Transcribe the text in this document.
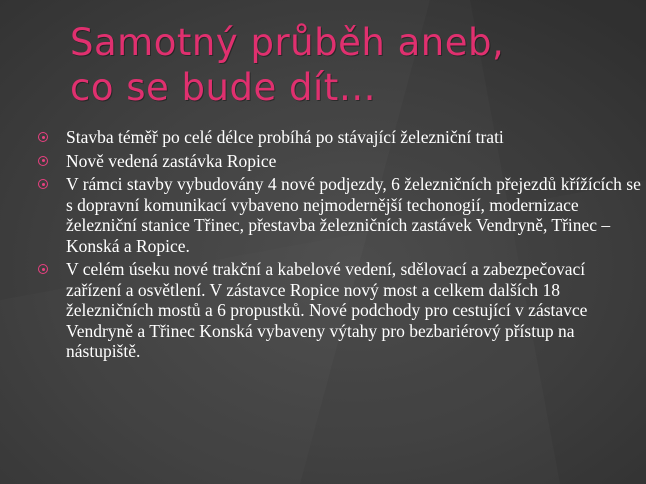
Samotný průběh aneb,
co se bude dít…
Stavba téměř po celé délce probíhá po stávající železniční trati
Nově vedená zastávka Ropice
V rámci stavby vybudovány 4 nové podjezdy, 6 železničních přejezdů křížících se s dopravní komunikací vybaveno nejmodernější techonogií, modernizace železniční stanice Třinec, přestavba železničních zastávek Vendryně, Třinec – Konská a Ropice.
V celém úseku nové trakční a kabelové vedení, sdělovací a zabezpečovací zařízení a osvětlení. V zástavce Ropice nový most a celkem dalších 18 železničních mostů a 6 propustků. Nové podchody pro cestující v zástavce Vendryně a Třinec Konská vybaveny výtahy pro bezbariérový přístup na nástupiště.
